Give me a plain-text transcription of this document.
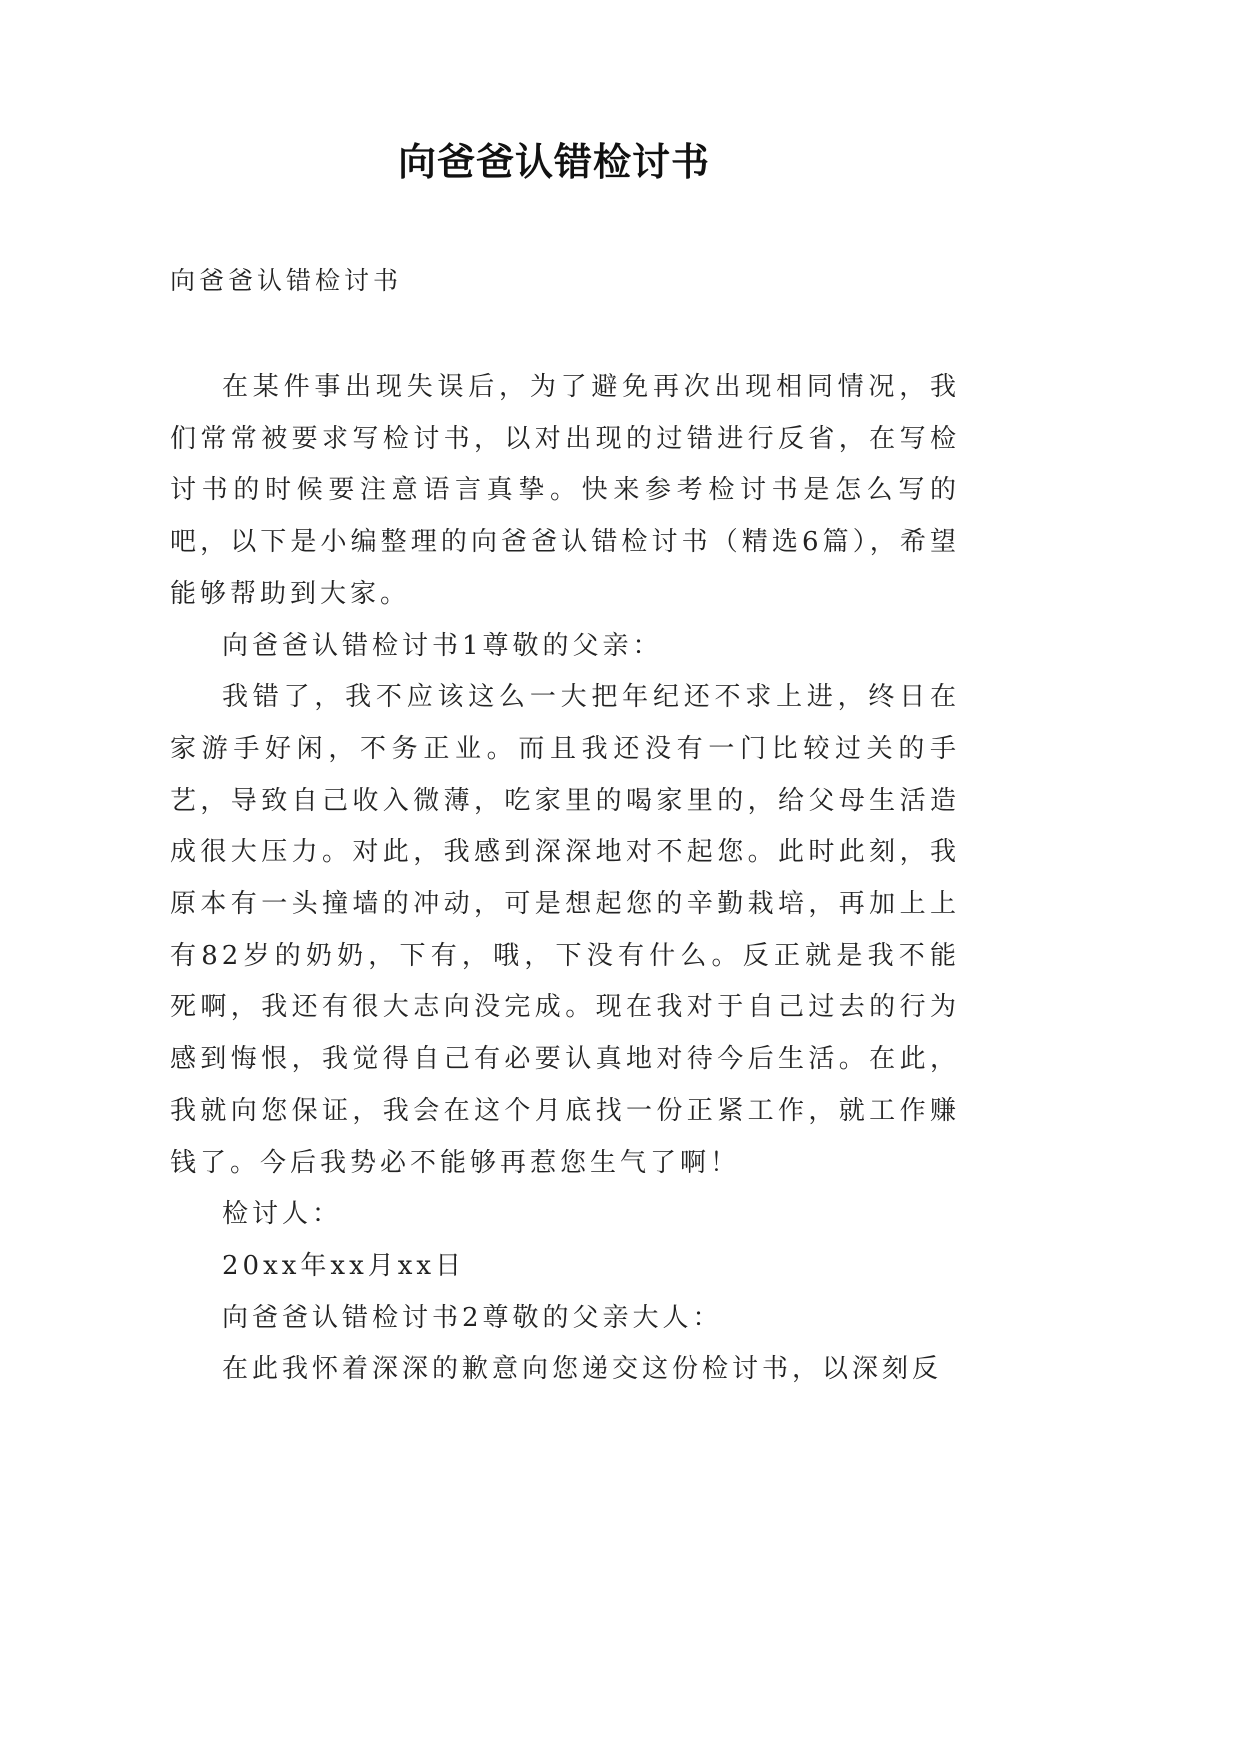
向爸爸认错检讨书
向爸爸认错检讨书

在某件事出现失误后，为了避免再次出现相同情况，我们常常被要求写检讨书，以对出现的过错进行反省，在写检讨书的时候要注意语言真挚。快来参考检讨书是怎么写的吧，以下是小编整理的向爸爸认错检讨书（精选6篇），希望能够帮助到大家。

向爸爸认错检讨书1尊敬的父亲：

我错了，我不应该这么一大把年纪还不求上进，终日在家游手好闲，不务正业。而且我还没有一门比较过关的手艺，导致自己收入微薄，吃家里的喝家里的，给父母生活造成很大压力。对此，我感到深深地对不起您。此时此刻，我原本有一头撞墙的冲动，可是想起您的辛勤栽培，再加上上有82岁的奶奶，下有，哦，下没有什么。反正就是我不能死啊，我还有很大志向没完成。现在我对于自己过去的行为感到悔恨，我觉得自己有必要认真地对待今后生活。在此，我就向您保证，我会在这个月底找一份正紧工作，就工作赚钱了。今后我势必不能够再惹您生气了啊！

检讨人：

20xx年xx月xx日

向爸爸认错检讨书2尊敬的父亲大人：

在此我怀着深深的歉意向您递交这份检讨书，以深刻反
